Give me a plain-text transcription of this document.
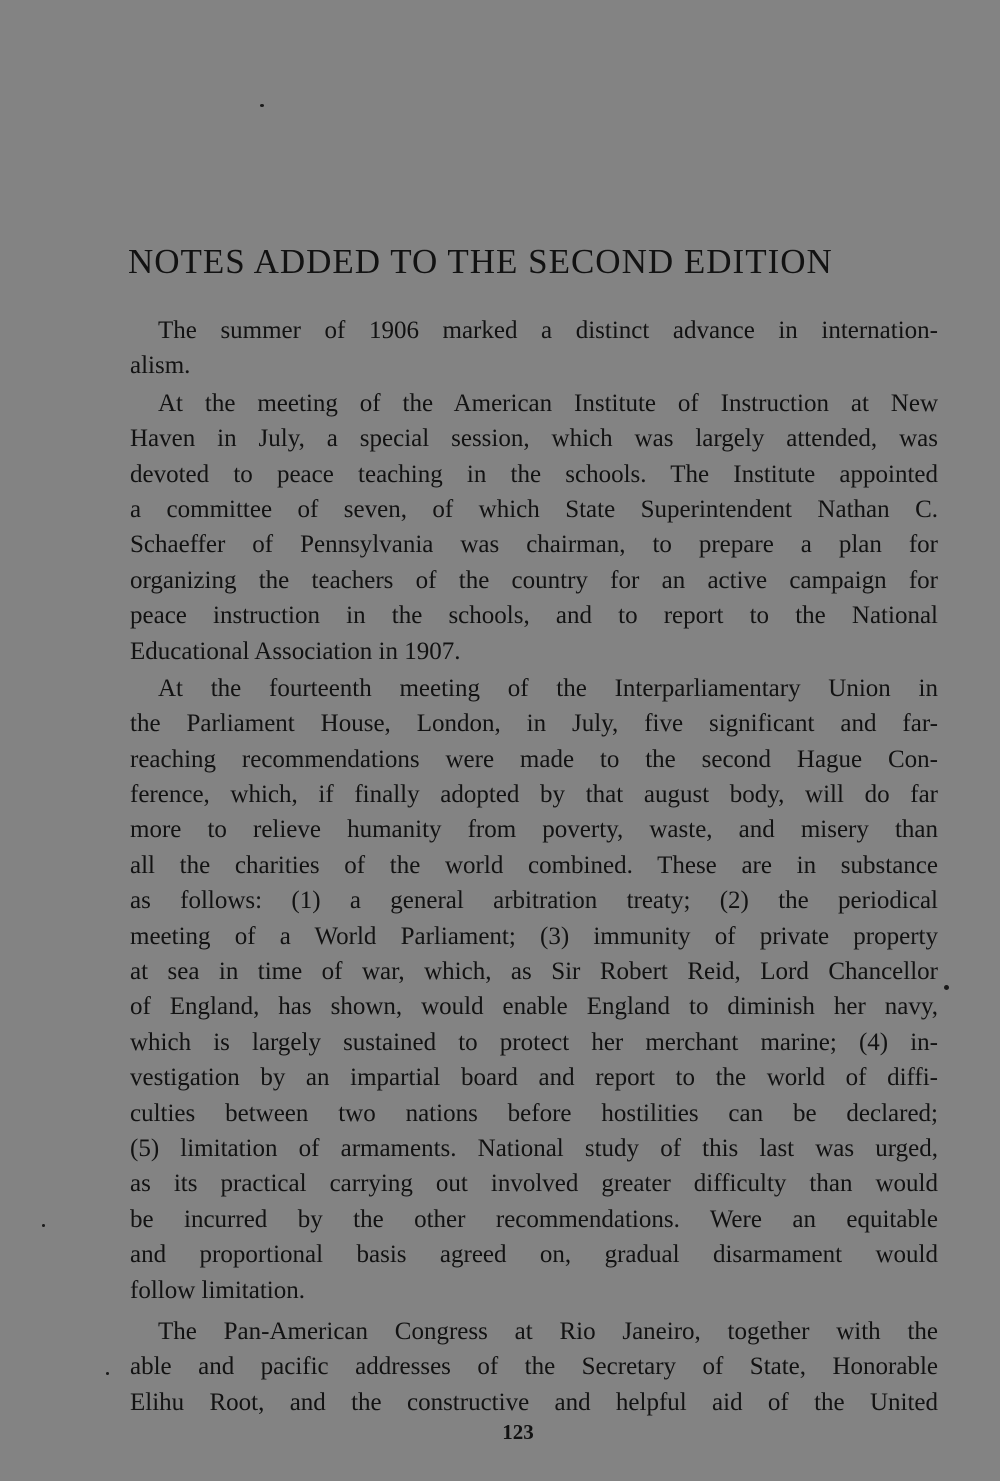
NOTES ADDED TO THE SECOND EDITION

The summer of 1906 marked a distinct advance in internation-
alism.

At the meeting of the American Institute of Instruction at New
Haven in July, a special session, which was largely attended, was
devoted to peace teaching in the schools. The Institute appointed
a committee of seven, of which State Superintendent Nathan C.
Schaeffer of Pennsylvania was chairman, to prepare a plan for
organizing the teachers of the country for an active campaign for
peace instruction in the schools, and to report to the National
Educational Association in 1907.

At the fourteenth meeting of the Interparliamentary Union in
the Parliament House, London, in July, five significant and far-
reaching recommendations were made to the second Hague Con-
ference, which, if finally adopted by that august body, will do far
more to relieve humanity from poverty, waste, and misery than
all the charities of the world combined. These are in substance
as follows: (1) a general arbitration treaty; (2) the periodical
meeting of a World Parliament; (3) immunity of private property
at sea in time of war, which, as Sir Robert Reid, Lord Chancellor
of England, has shown, would enable England to diminish her navy,
which is largely sustained to protect her merchant marine; (4) in-
vestigation by an impartial board and report to the world of diffi-
culties between two nations before hostilities can be declared;
(5) limitation of armaments. National study of this last was urged,
as its practical carrying out involved greater difficulty than would
be incurred by the other recommendations. Were an equitable
and proportional basis agreed on, gradual disarmament would
follow limitation.

The Pan-American Congress at Rio Janeiro, together with the
able and pacific addresses of the Secretary of State, Honorable
Elihu Root, and the constructive and helpful aid of the United

123
